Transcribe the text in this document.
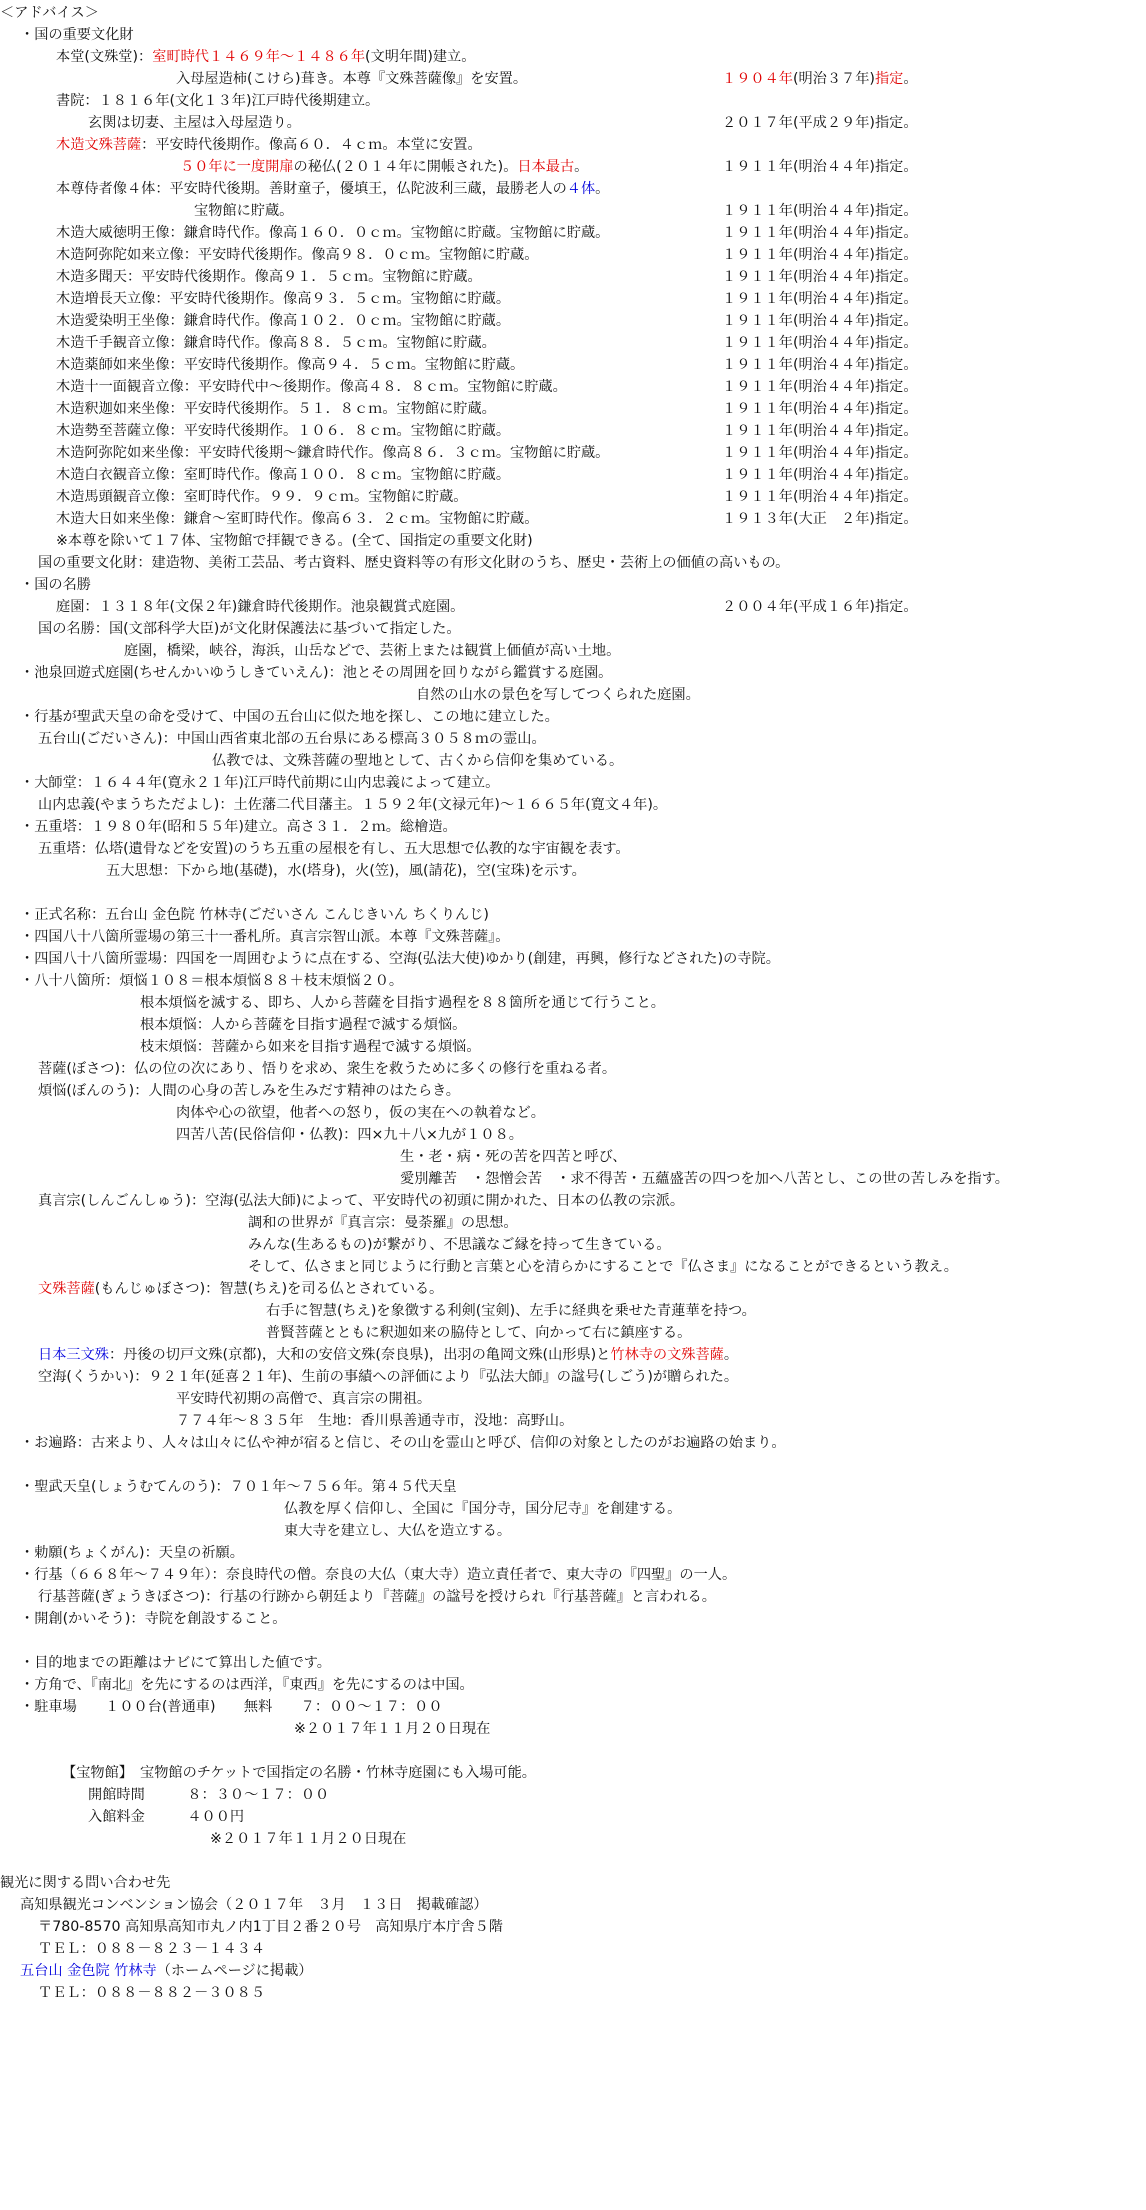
＜アドバイス＞
・国の重要文化財
本堂(文殊堂)：室町時代１４６９年～１４８６年(文明年間)建立。
入母屋造柿(こけら)葺き。本尊『文殊菩薩像』を安置。	１９０４年(明治３７年)指定。
書院：１８１６年(文化１３年)江戸時代後期建立。
玄関は切妻、主屋は入母屋造り。	２０１７年(平成２９年)指定。
木造文殊菩薩：平安時代後期作。像高６０．４ｃｍ。本堂に安置。
５０年に一度開扉の秘仏(２０１４年に開帳された)。日本最古。	１９１１年(明治４４年)指定。
本尊侍者像４体：平安時代後期。善財童子，優填王，仏陀波利三蔵，最勝老人の４体。
宝物館に貯蔵。	１９１１年(明治４４年)指定。
木造大威徳明王像：鎌倉時代作。像高１６０．０ｃｍ。宝物館に貯蔵。宝物館に貯蔵。	１９１１年(明治４４年)指定。
木造阿弥陀如来立像：平安時代後期作。像高９８．０ｃｍ。宝物館に貯蔵。	１９１１年(明治４４年)指定。
木造多聞天：平安時代後期作。像高９１．５ｃｍ。宝物館に貯蔵。	１９１１年(明治４４年)指定。
木造増長天立像：平安時代後期作。像高９３．５ｃｍ。宝物館に貯蔵。	１９１１年(明治４４年)指定。
木造愛染明王坐像：鎌倉時代作。像高１０２．０ｃｍ。宝物館に貯蔵。	１９１１年(明治４４年)指定。
木造千手観音立像：鎌倉時代作。像高８８．５ｃｍ。宝物館に貯蔵。	１９１１年(明治４４年)指定。
木造薬師如来坐像：平安時代後期作。像高９４．５ｃｍ。宝物館に貯蔵。	１９１１年(明治４４年)指定。
木造十一面観音立像：平安時代中～後期作。像高４８．８ｃｍ。宝物館に貯蔵。	１９１１年(明治４４年)指定。
木造釈迦如来坐像：平安時代後期作。５１．８ｃｍ。宝物館に貯蔵。	１９１１年(明治４４年)指定。
木造勢至菩薩立像：平安時代後期作。１０６．８ｃｍ。宝物館に貯蔵。	１９１１年(明治４４年)指定。
木造阿弥陀如来坐像：平安時代後期～鎌倉時代作。像高８６．３ｃｍ。宝物館に貯蔵。	１９１１年(明治４４年)指定。
木造白衣観音立像：室町時代作。像高１００．８ｃｍ。宝物館に貯蔵。	１９１１年(明治４４年)指定。
木造馬頭観音立像：室町時代作。９９．９ｃｍ。宝物館に貯蔵。	１９１１年(明治４４年)指定。
木造大日如来坐像：鎌倉～室町時代作。像高６３．２ｃｍ。宝物館に貯蔵。	１９１３年(大正　２年)指定。
※本尊を除いて１７体、宝物館で拝観できる。(全て、国指定の重要文化財)
国の重要文化財：建造物、美術工芸品、考古資料、歴史資料等の有形文化財のうち、歴史・芸術上の価値の高いもの。
・国の名勝
庭園：１３１８年(文保２年)鎌倉時代後期作。池泉観賞式庭園。	２００４年(平成１６年)指定。
国の名勝：国(文部科学大臣)が文化財保護法に基づいて指定した。
庭園，橋梁，峡谷，海浜，山岳などで、芸術上または観賞上価値が高い土地。
・池泉回遊式庭園(ちせんかいゆうしきていえん)：池とその周囲を回りながら鑑賞する庭園。
自然の山水の景色を写してつくられた庭園。
・行基が聖武天皇の命を受けて、中国の五台山に似た地を探し、この地に建立した。
五台山(ごだいさん)：中国山西省東北部の五台県にある標高３０５８ｍの霊山。
仏教では、文殊菩薩の聖地として、古くから信仰を集めている。
・大師堂：１６４４年(寛永２１年)江戸時代前期に山内忠義によって建立。
山内忠義(やまうちただよし)：土佐藩二代目藩主。１５９２年(文禄元年)～１６６５年(寛文４年)。
・五重塔：１９８０年(昭和５５年)建立。高さ３１．２ｍ。総檜造。
五重塔：仏塔(遺骨などを安置)のうち五重の屋根を有し、五大思想で仏教的な宇宙観を表す。
五大思想：下から地(基礎)，水(塔身)，火(笠)，風(請花)，空(宝珠)を示す。
・正式名称：五台山 金色院 竹林寺(ごだいさん こんじきいん ちくりんじ)
・四国八十八箇所霊場の第三十一番札所。真言宗智山派。本尊『文殊菩薩』。
・四国八十八箇所霊場：四国を一周囲むように点在する、空海(弘法大使)ゆかり(創建，再興，修行などされた)の寺院。
・八十八箇所：煩悩１０８＝根本煩悩８８＋枝末煩悩２０。
根本煩悩を滅する、即ち、人から菩薩を目指す過程を８８箇所を通じて行うこと。
根本煩悩：人から菩薩を目指す過程で滅する煩悩。
枝末煩悩：菩薩から如来を目指す過程で滅する煩悩。
菩薩(ぼさつ)：仏の位の次にあり、悟りを求め、衆生を救うために多くの修行を重ねる者。
煩悩(ぼんのう)：人間の心身の苦しみを生みだす精神のはたらき。
肉体や心の欲望，他者への怒り，仮の実在への執着など。
四苦八苦(民俗信仰・仏教)：四×九＋八×九が１０８。
生・老・病・死の苦を四苦と呼び、
愛別離苦　・怨憎会苦　・求不得苦・五蘊盛苦の四つを加へ八苦とし、この世の苦しみを指す。
真言宗(しんごんしゅう)：空海(弘法大師)によって、平安時代の初頭に開かれた、日本の仏教の宗派。
調和の世界が『真言宗：曼荼羅』の思想。
みんな(生あるもの)が繋がり、不思議なご縁を持って生きている。
そして、仏さまと同じように行動と言葉と心を清らかにすることで『仏さま』になることができるという教え。
文殊菩薩(もんじゅぼさつ)：智慧(ちえ)を司る仏とされている。
右手に智慧(ちえ)を象徴する利剣(宝剣)、左手に経典を乗せた青蓮華を持つ。
普賢菩薩とともに釈迦如来の脇侍として、向かって右に鎮座する。
日本三文殊：丹後の切戸文殊(京都)，大和の安倍文殊(奈良県)，出羽の亀岡文殊(山形県)と竹林寺の文殊菩薩。
空海(くうかい)：９２１年(延喜２１年)、生前の事績への評価により『弘法大師』の諡号(しごう)が贈られた。
平安時代初期の高僧で、真言宗の開祖。
７７４年～８３５年　生地：香川県善通寺市，没地：高野山。
・お遍路：古来より、人々は山々に仏や神が宿ると信じ、その山を霊山と呼び、信仰の対象としたのがお遍路の始まり。
・聖武天皇(しょうむてんのう)：７０１年～７５６年。第４５代天皇
仏教を厚く信仰し、全国に『国分寺，国分尼寺』を創建する。
東大寺を建立し、大仏を造立する。
・勅願(ちょくがん)：天皇の祈願。
・行基（６６８年～７４９年）：奈良時代の僧。奈良の大仏（東大寺）造立責任者で、東大寺の『四聖』の一人。
行基菩薩(ぎょうきぼさつ)：行基の行跡から朝廷より『菩薩』の諡号を授けられ『行基菩薩』と言われる。
・開創(かいそう)：寺院を創設すること。
・目的地までの距離はナビにて算出した値です。
・方角で、『南北』を先にするのは西洋，『東西』を先にするのは中国。
・駐車場　　１００台(普通車)　　無料　　７：００～１７：００
※２０１７年１１月２０日現在
【宝物館】　宝物館のチケットで国指定の名勝・竹林寺庭園にも入場可能。
開館時間　　　８：３０～１７：００
入館料金　　　４００円
※２０１７年１１月２０日現在
観光に関する問い合わせ先
高知県観光コンベンション協会（２０１７年　３月　１３日　掲載確認）
〒780-8570 高知県高知市丸ノ内1丁目２番２０号　高知県庁本庁舎５階
ＴＥＬ：０８８－８２３－１４３４
五台山 金色院 竹林寺（ホームページに掲載）
ＴＥＬ：０８８－８８２－３０８５
